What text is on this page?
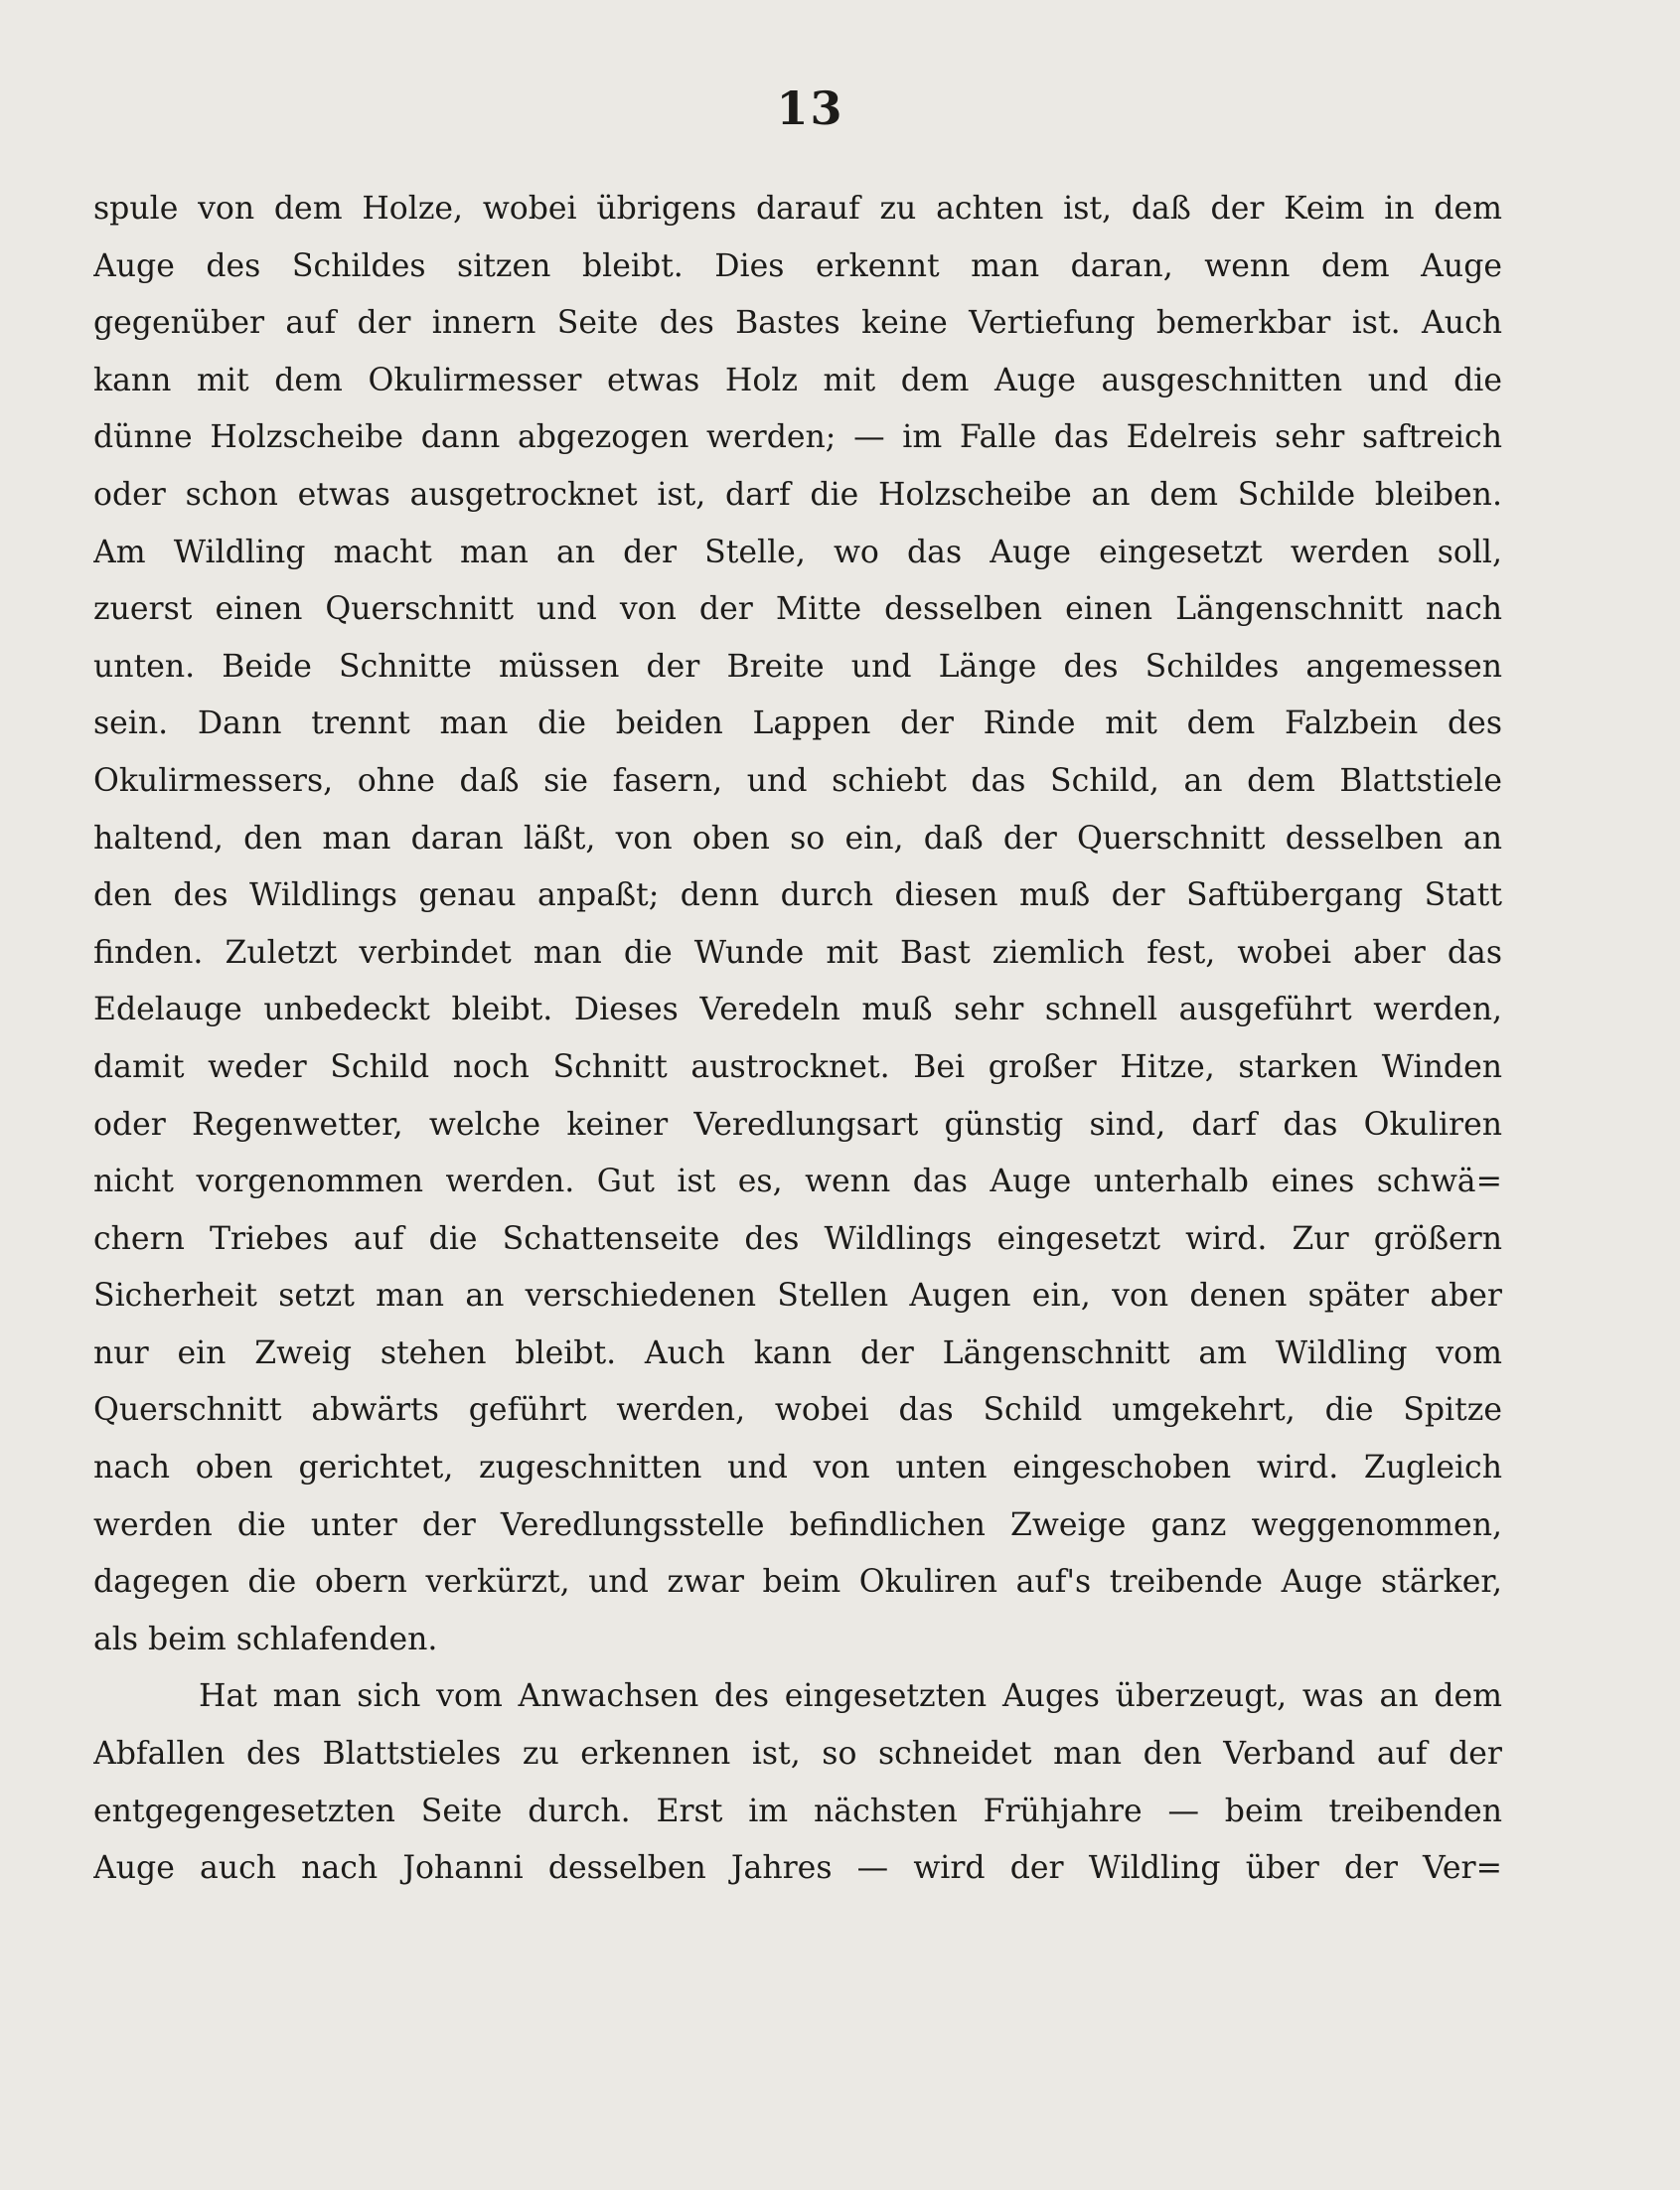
13
spule von dem Holze, wobei übrigens darauf zu achten ist, daß der Keim in dem
Auge des Schildes sitzen bleibt. Dies erkennt man daran, wenn dem Auge
gegenüber auf der innern Seite des Bastes keine Vertiefung bemerkbar ist. Auch
kann mit dem Okulirmesser etwas Holz mit dem Auge ausgeschnitten und die
dünne Holzscheibe dann abgezogen werden; — im Falle das Edelreis sehr saftreich
oder schon etwas ausgetrocknet ist, darf die Holzscheibe an dem Schilde bleiben.
Am Wildling macht man an der Stelle, wo das Auge eingesetzt werden soll,
zuerst einen Querschnitt und von der Mitte desselben einen Längenschnitt nach
unten. Beide Schnitte müssen der Breite und Länge des Schildes angemessen
sein. Dann trennt man die beiden Lappen der Rinde mit dem Falzbein des
Okulirmessers, ohne daß sie fasern, und schiebt das Schild, an dem Blattstiele
haltend, den man daran läßt, von oben so ein, daß der Querschnitt desselben an
den des Wildlings genau anpaßt; denn durch diesen muß der Saftübergang Statt
finden. Zuletzt verbindet man die Wunde mit Bast ziemlich fest, wobei aber das
Edelauge unbedeckt bleibt. Dieses Veredeln muß sehr schnell ausgeführt werden,
damit weder Schild noch Schnitt austrocknet. Bei großer Hitze, starken Winden
oder Regenwetter, welche keiner Veredlungsart günstig sind, darf das Okuliren
nicht vorgenommen werden. Gut ist es, wenn das Auge unterhalb eines schwä=
chern Triebes auf die Schattenseite des Wildlings eingesetzt wird. Zur größern
Sicherheit setzt man an verschiedenen Stellen Augen ein, von denen später aber
nur ein Zweig stehen bleibt. Auch kann der Längenschnitt am Wildling vom
Querschnitt abwärts geführt werden, wobei das Schild umgekehrt, die Spitze
nach oben gerichtet, zugeschnitten und von unten eingeschoben wird. Zugleich
werden die unter der Veredlungsstelle befindlichen Zweige ganz weggenommen,
dagegen die obern verkürzt, und zwar beim Okuliren auf's treibende Auge stärker,
als beim schlafenden.
Hat man sich vom Anwachsen des eingesetzten Auges überzeugt, was an dem
Abfallen des Blattstieles zu erkennen ist, so schneidet man den Verband auf der
entgegengesetzten Seite durch. Erst im nächsten Frühjahre — beim treibenden
Auge auch nach Johanni desselben Jahres — wird der Wildling über der Ver=
